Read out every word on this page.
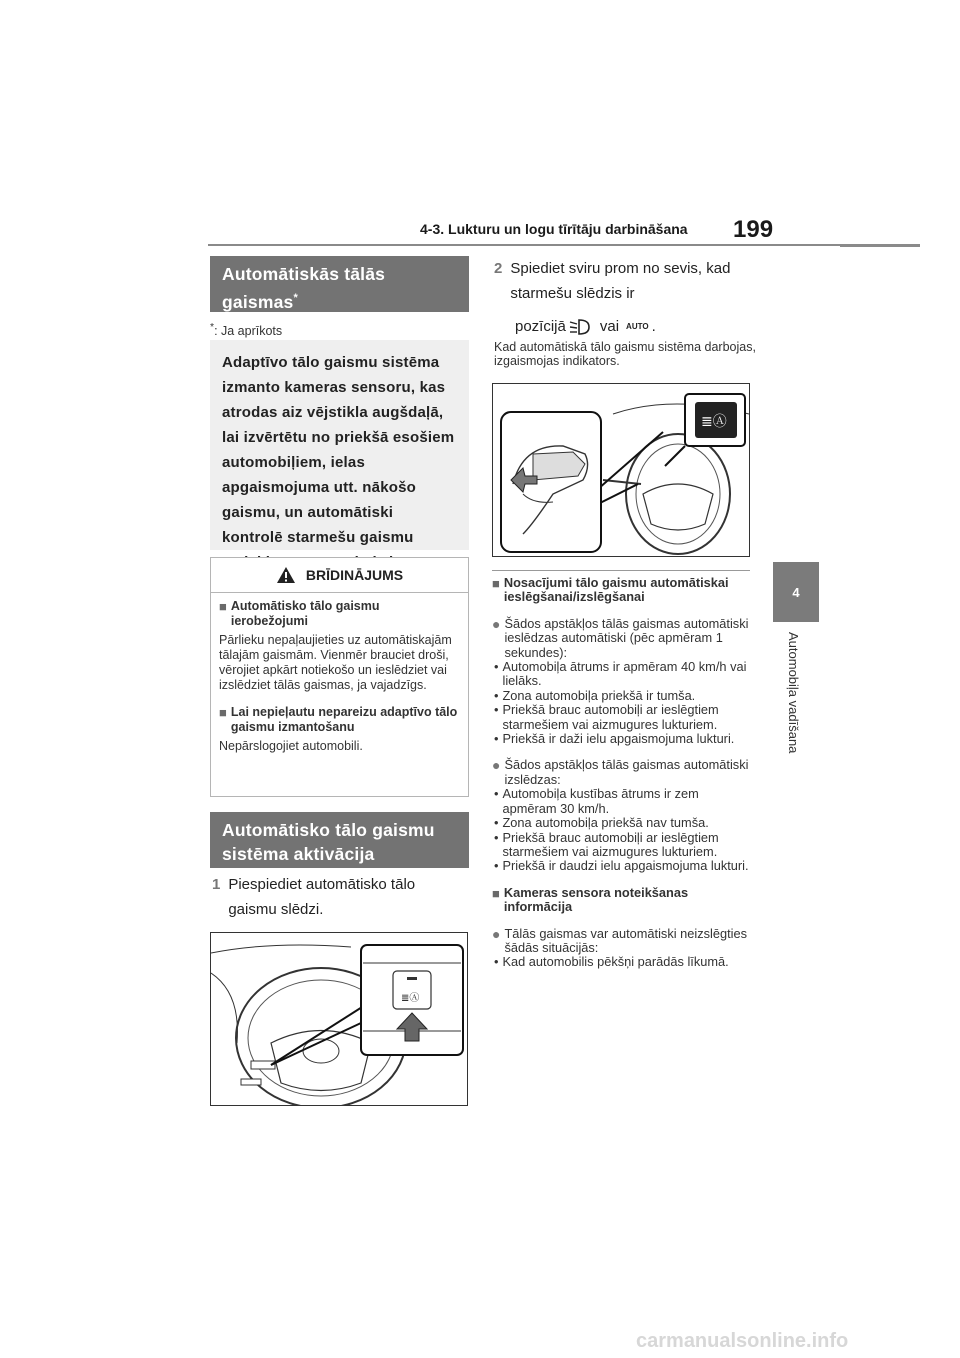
4-3. Lukturu un logu tīrītāju darbināšana 199
4
Automobiļa vadīšana
Automātiskās tālās gaismas*
*: Ja aprīkots
Adaptīvo tālo gaismu sistēma izmanto kameras sensoru, kas atrodas aiz vējstikla augšdaļā, lai izvērtētu no priekšā esošiem automobiļiem, ielas apgaismojuma utt. nākošo gaismu, un automātiski kontrolē starmešu gaismu
BRĪDINĀJUMS
■ Automātisko tālo gaismu ierobežojumi
Pārlieku nepaļaujieties uz automātiskajām tālajām gaismām. Vienmēr brauciet droši, vērojiet apkārt notiekošo un ieslēdziet vai izslēdziet tālās gaismas, ja vajadzīgs.
■ Lai nepieļautu nepareizu adaptīvo tālo gaismu izmantošanu
Nepārslogojiet automobili.
Automātisko tālo gaismu sistēma aktivācija
1 Piespiediet automātisko tālo gaismu slēdzi.
≣Ⓐ
2 Spiediet sviru prom no sevis, kad starmešu slēdzis ir
pozīcijā vai AUTO .
Kad automātiskā tālo gaismu sistēma darbojas, izgaismojas indikators.
≣Ⓐ
■ Nosacījumi tālo gaismu automātiskai ieslēgšanai/izslēgšanai
● Šādos apstākļos tālās gaismas automātiski ieslēdzas automātiski (pēc apmēram 1 sekundes):
• Automobiļa ātrums ir apmēram 40 km/h vai lielāks.
• Zona automobiļa priekšā ir tumša.
• Priekšā brauc automobiļi ar ieslēgtiem starmešiem vai aizmugures lukturiem.
• Priekšā ir daži ielu apgaismojuma lukturi.
● Šādos apstākļos tālās gaismas automātiski izslēdzas:
• Automobiļa kustības ātrums ir zem apmēram 30 km/h.
• Zona automobiļa priekšā nav tumša.
• Priekšā brauc automobiļi ar ieslēgtiem starmešiem vai aizmugures lukturiem.
• Priekšā ir daudzi ielu apgaismojuma lukturi.
■ Kameras sensora noteikšanas informācija
● Tālās gaismas var automātiski neizslēgties šādās situācijās:
• Kad automobilis pēkšņi parādās līkumā.
carmanualsonline.info
